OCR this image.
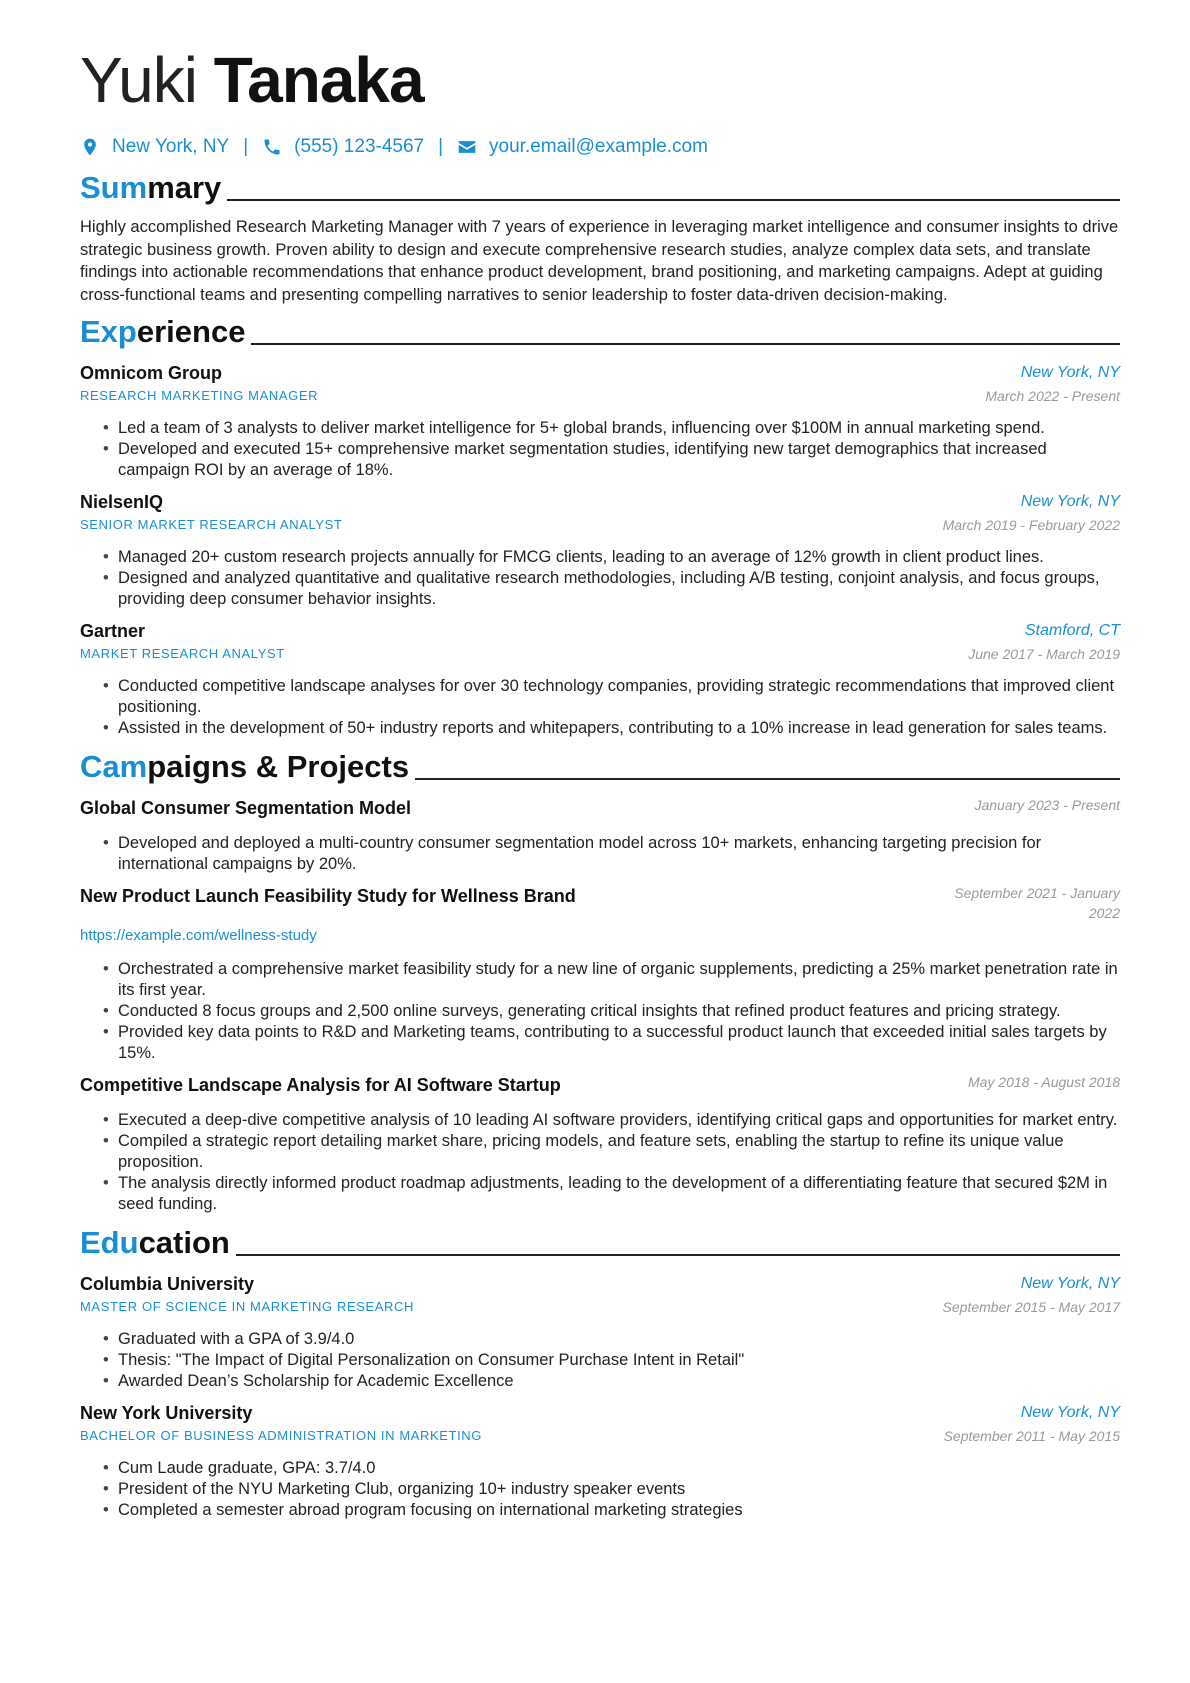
Yuki Tanaka
New York, NY | (555) 123-4567 | your.email@example.com
Summary

Highly accomplished Research Marketing Manager with 7 years of experience in leveraging market intelligence and consumer insights to drive strategic business growth. Proven ability to design and execute comprehensive research studies, analyze complex data sets, and translate findings into actionable recommendations that enhance product development, brand positioning, and marketing campaigns. Adept at guiding cross-functional teams and presenting compelling narratives to senior leadership to foster data-driven decision-making.

Experience
Omnicom Group	New York, NY
RESEARCH MARKETING MANAGER	March 2022 - Present
• Led a team of 3 analysts to deliver market intelligence for 5+ global brands, influencing over $100M in annual marketing spend.
• Developed and executed 15+ comprehensive market segmentation studies, identifying new target demographics that increased campaign ROI by an average of 18%.
NielsenIQ	New York, NY
SENIOR MARKET RESEARCH ANALYST	March 2019 - February 2022
• Managed 20+ custom research projects annually for FMCG clients, leading to an average of 12% growth in client product lines.
• Designed and analyzed quantitative and qualitative research methodologies, including A/B testing, conjoint analysis, and focus groups, providing deep consumer behavior insights.
Gartner	Stamford, CT
MARKET RESEARCH ANALYST	June 2017 - March 2019
• Conducted competitive landscape analyses for over 30 technology companies, providing strategic recommendations that improved client positioning.
• Assisted in the development of 50+ industry reports and whitepapers, contributing to a 10% increase in lead generation for sales teams.
Campaigns & Projects
Global Consumer Segmentation Model	January 2023 - Present
• Developed and deployed a multi-country consumer segmentation model across 10+ markets, enhancing targeting precision for international campaigns by 20%.
New Product Launch Feasibility Study for Wellness Brand	September 2021 - January 2022
https://example.com/wellness-study
• Orchestrated a comprehensive market feasibility study for a new line of organic supplements, predicting a 25% market penetration rate in its first year.
• Conducted 8 focus groups and 2,500 online surveys, generating critical insights that refined product features and pricing strategy.
• Provided key data points to R&D and Marketing teams, contributing to a successful product launch that exceeded initial sales targets by 15%.
Competitive Landscape Analysis for AI Software Startup	May 2018 - August 2018
• Executed a deep-dive competitive analysis of 10 leading AI software providers, identifying critical gaps and opportunities for market entry.
• Compiled a strategic report detailing market share, pricing models, and feature sets, enabling the startup to refine its unique value proposition.
• The analysis directly informed product roadmap adjustments, leading to the development of a differentiating feature that secured $2M in seed funding.
Education
Columbia University	New York, NY
MASTER OF SCIENCE IN MARKETING RESEARCH	September 2015 - May 2017
• Graduated with a GPA of 3.9/4.0
• Thesis: "The Impact of Digital Personalization on Consumer Purchase Intent in Retail"
• Awarded Dean’s Scholarship for Academic Excellence
New York University	New York, NY
BACHELOR OF BUSINESS ADMINISTRATION IN MARKETING	September 2011 - May 2015
• Cum Laude graduate, GPA: 3.7/4.0
• President of the NYU Marketing Club, organizing 10+ industry speaker events
• Completed a semester abroad program focusing on international marketing strategies
